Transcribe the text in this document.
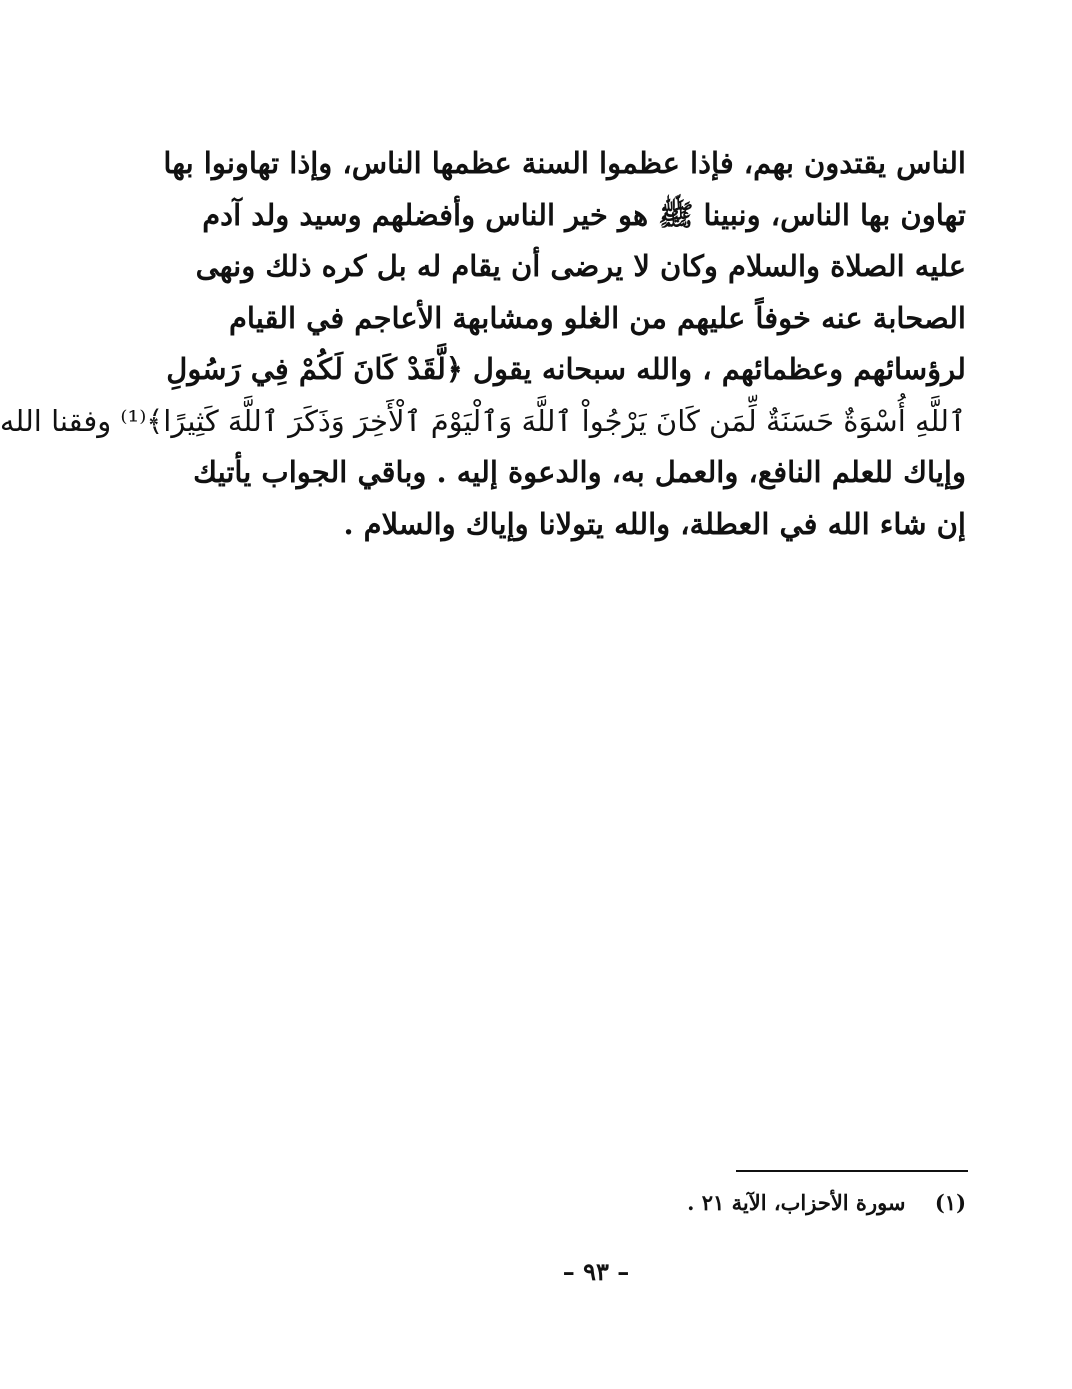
الناس يقتدون بهم، فإذا عظموا السنة عظمها الناس، وإذا تهاونوا بها
تهاون بها الناس، ونبينا ﷺ هو خير الناس وأفضلهم وسيد ولد آدم
عليه الصلاة والسلام وكان لا يرضى أن يقام له بل كره ذلك ونهى
الصحابة عنه خوفاً عليهم من الغلو ومشابهة الأعاجم في القيام
لرؤسائهم وعظمائهم ، والله سبحانه يقول ﴿لَّقَدْ كَانَ لَكُمْ فِي رَسُولِ
ٱللَّهِ أُسْوَةٌ حَسَنَةٌ لِّمَن كَانَ يَرْجُواْ ٱللَّهَ وَٱلْيَوْمَ ٱلْأَخِرَ وَذَكَرَ ٱللَّهَ كَثِيرًا﴾⁽¹⁾ وفقنا الله
وإياك للعلم النافع، والعمل به، والدعوة إليه . وباقي الجواب يأتيك
إن شاء الله في العطلة، والله يتولانا وإياك والسلام .
(١) سورة الأحزاب، الآية ٢١ .
– ٩٣ –
